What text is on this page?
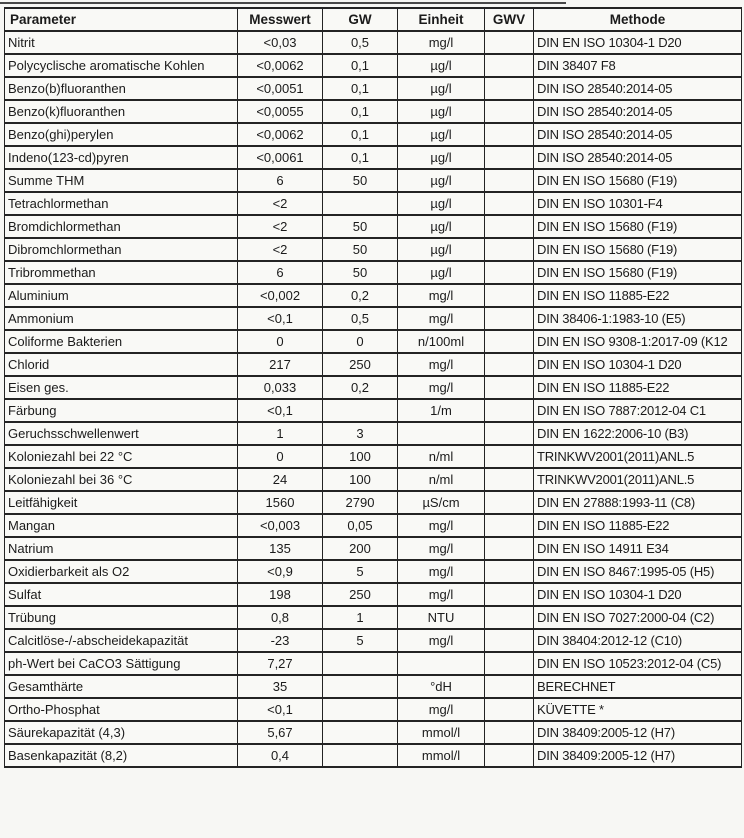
Parameter	Messwert	GW	Einheit	GWV	Methode
Nitrit	<0,03	0,5	mg/l		DIN EN ISO 10304-1 D20
Polycyclische aromatische Kohlen	<0,0062	0,1	µg/l		DIN 38407 F8
Benzo(b)fluoranthen	<0,0051	0,1	µg/l		DIN ISO 28540:2014-05
Benzo(k)fluoranthen	<0,0055	0,1	µg/l		DIN ISO 28540:2014-05
Benzo(ghi)perylen	<0,0062	0,1	µg/l		DIN ISO 28540:2014-05
Indeno(123-cd)pyren	<0,0061	0,1	µg/l		DIN ISO 28540:2014-05
Summe THM	6	50	µg/l		DIN EN ISO 15680 (F19)
Tetrachlormethan	<2		µg/l		DIN EN ISO 10301-F4
Bromdichlormethan	<2	50	µg/l		DIN EN ISO 15680 (F19)
Dibromchlormethan	<2	50	µg/l		DIN EN ISO 15680 (F19)
Tribrommethan	6	50	µg/l		DIN EN ISO 15680 (F19)
Aluminium	<0,002	0,2	mg/l		DIN EN ISO 11885-E22
Ammonium	<0,1	0,5	mg/l		DIN 38406-1:1983-10 (E5)
Coliforme Bakterien	0	0	n/100ml		DIN EN ISO 9308-1:2017-09 (K12
Chlorid	217	250	mg/l		DIN EN ISO 10304-1 D20
Eisen ges.	0,033	0,2	mg/l		DIN EN ISO 11885-E22
Färbung	<0,1		1/m		DIN EN ISO 7887:2012-04 C1
Geruchsschwellenwert	1	3			DIN EN 1622:2006-10 (B3)
Koloniezahl bei 22 °C	0	100	n/ml		TRINKWV2001(2011)ANL.5
Koloniezahl bei 36 °C	24	100	n/ml		TRINKWV2001(2011)ANL.5
Leitfähigkeit	1560	2790	µS/cm		DIN EN 27888:1993-11 (C8)
Mangan	<0,003	0,05	mg/l		DIN EN ISO 11885-E22
Natrium	135	200	mg/l		DIN EN ISO 14911 E34
Oxidierbarkeit als O2	<0,9	5	mg/l		DIN EN ISO 8467:1995-05 (H5)
Sulfat	198	250	mg/l		DIN EN ISO 10304-1 D20
Trübung	0,8	1	NTU		DIN EN ISO 7027:2000-04 (C2)
Calcitlöse-/-abscheidekapazität	-23	5	mg/l		DIN 38404:2012-12 (C10)
ph-Wert bei CaCO3 Sättigung	7,27				DIN EN ISO 10523:2012-04 (C5)
Gesamthärte	35		°dH		BERECHNET
Ortho-Phosphat	<0,1		mg/l		KÜVETTE *
Säurekapazität (4,3)	5,67		mmol/l		DIN 38409:2005-12 (H7)
Basenkapazität (8,2)	0,4		mmol/l		DIN 38409:2005-12 (H7)
